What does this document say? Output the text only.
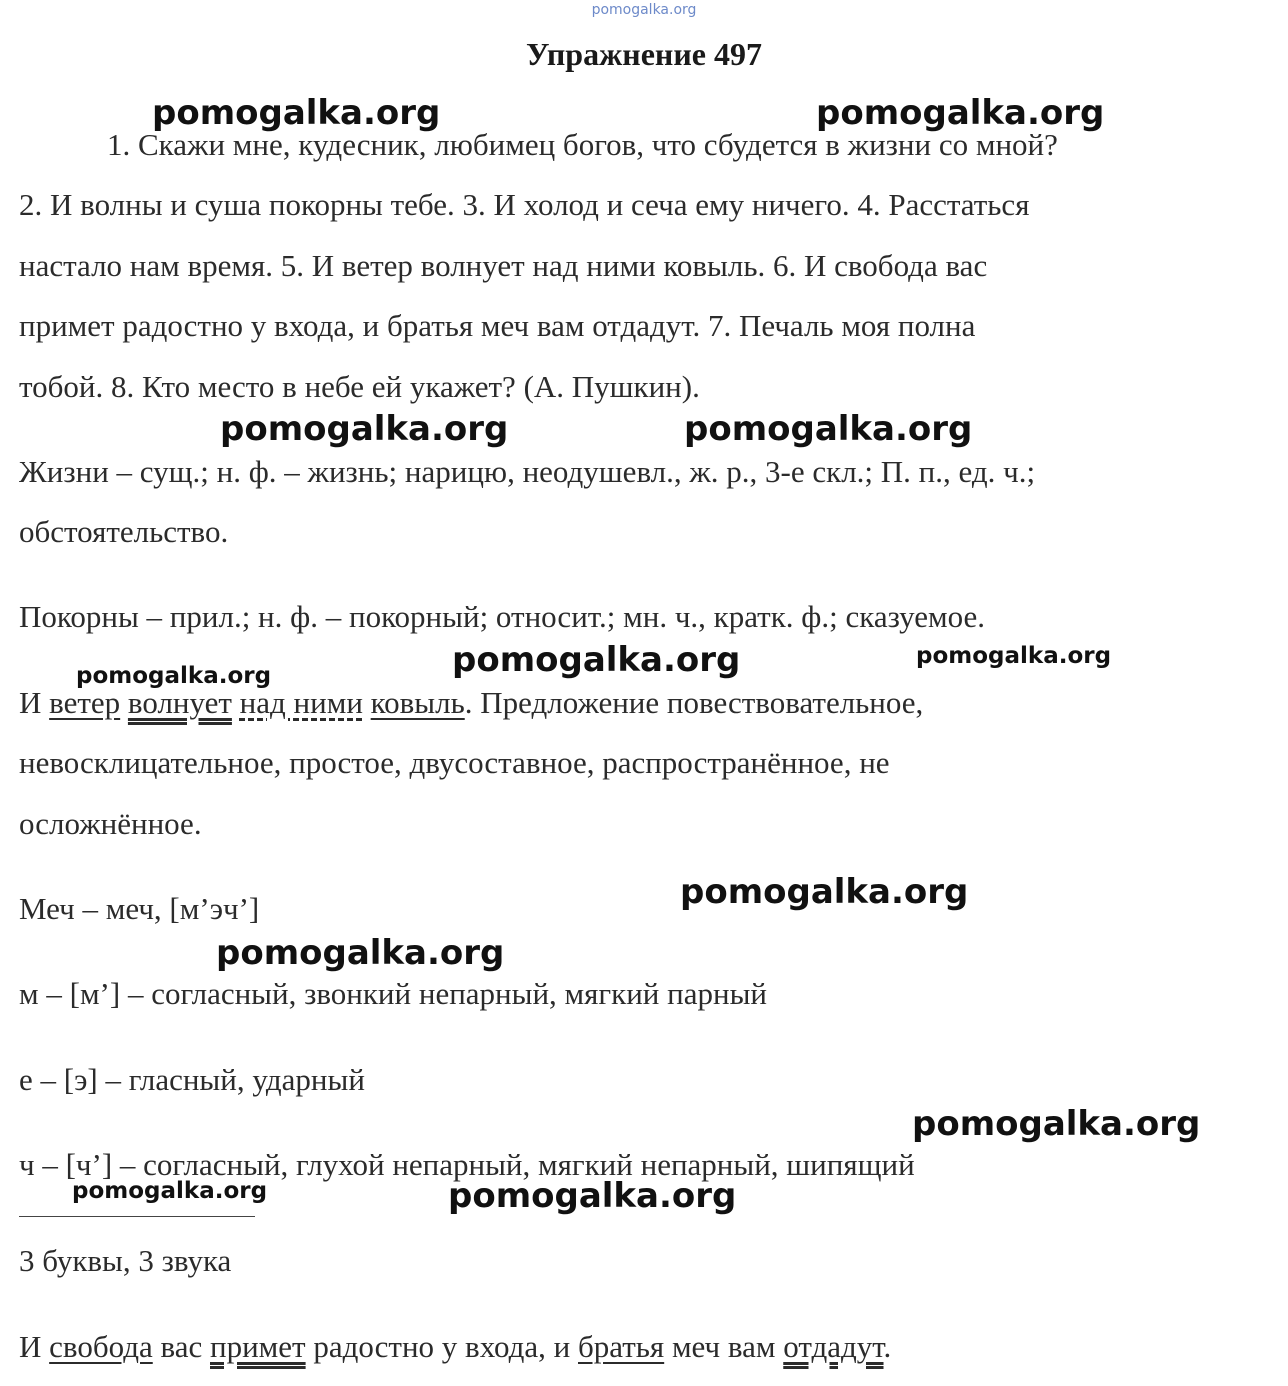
pomogalka.org
Упражнение 497
1. Скажи мне, кудесник, любимец богов, что сбудется в жизни со мной?
2. И волны и суша покорны тебе. 3. И холод и сеча ему ничего. 4. Расстаться
настало нам время. 5. И ветер волнует над ними ковыль. 6. И свобода вас
примет радостно у входа, и братья меч вам отдадут. 7. Печаль моя полна
тобой. 8. Кто место в небе ей укажет? (А. Пушкин).
Жизни – сущ.; н. ф. – жизнь; нарицю, неодушевл., ж. р., 3-е скл.; П. п., ед. ч.;
обстоятельство.
Покорны – прил.; н. ф. – покорный; относит.; мн. ч., кратк. ф.; сказуемое.
И ветер волнует над ними ковыль. Предложение повествовательное,
невосклицательное, простое, двусоставное, распространённое, не
осложнённое.
Меч – меч, [м’эч’]
м – [м’] – согласный, звонкий непарный, мягкий парный
е – [э] – гласный, ударный
ч – [ч’] – согласный, глухой непарный, мягкий непарный, шипящий
3 буквы, 3 звука
И свобода вас примет радостно у входа, и братья меч вам отдадут.
pomogalka.org	pomogalka.org
pomogalka.org	pomogalka.org
pomogalka.org	pomogalka.org	pomogalka.org
pomogalka.org
pomogalka.org
pomogalka.org
pomogalka.org	pomogalka.org
